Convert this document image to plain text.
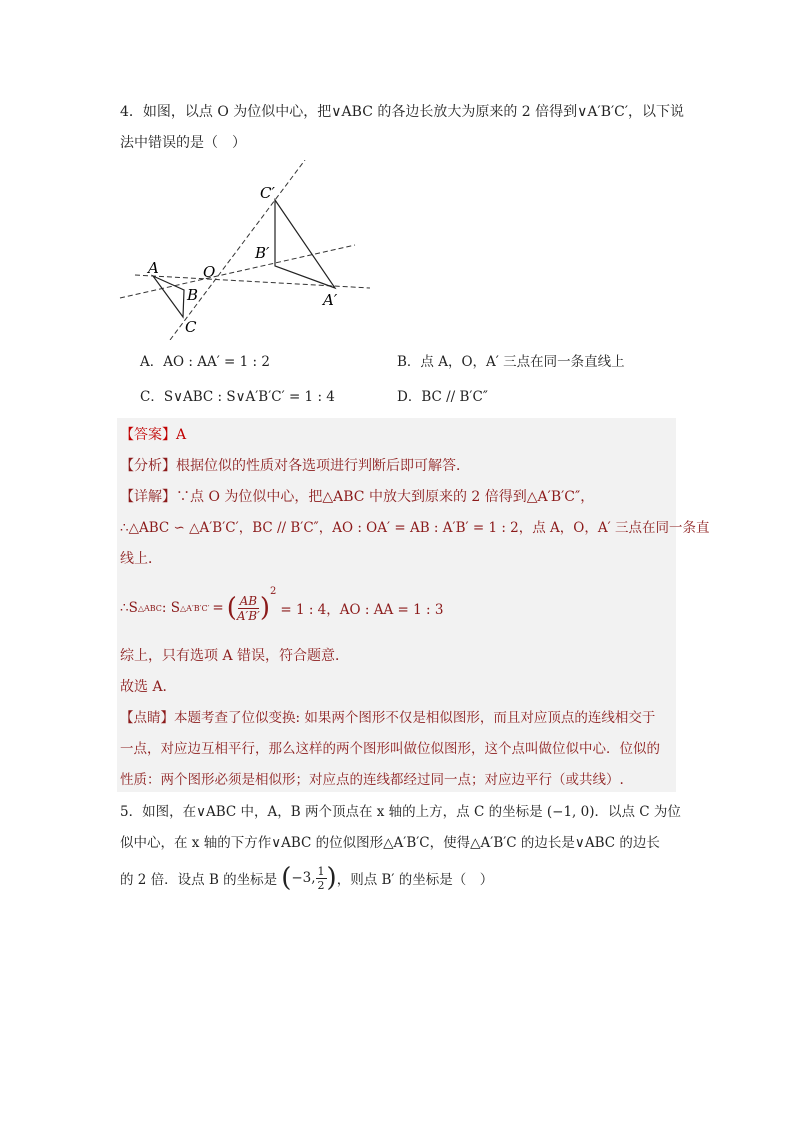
4．如图，以点 O 为位似中心，把∨ABC 的各边长放大为原来的 2 倍得到∨A′B′C′，以下说
法中错误的是（　）
A
B
C
O
A′
B′
C′
A．AO : AA′ = 1 : 2	B．点 A，O，A′ 三点在同一条直线上
C．S∨ABC : S∨A′B′C′ = 1 : 4	D．BC // B′C″
【答案】A
【分析】根据位似的性质对各选项进行判断后即可解答．
【详解】∵点 O 为位似中心，把△ABC 中放大到原来的 2 倍得到△A′B′C″，
∴△ABC ∽ △A′B′C′，BC // B′C″，AO : OA′ = AB : A′B′ = 1 : 2，点 A，O，A′ 三点在同一条直
线上．
∴S △ABC : S △A′B′C′ = ( $\frac{AB}{A'B'}$ )
$^2$
= 1 : 4，AO : AA = 1 : 3
综上，只有选项 A 错误，符合题意．
故选 A．
【点睛】本题考查了位似变换: 如果两个图形不仅是相似图形，而且对应顶点的连线相交于
一点，对应边互相平行，那么这样的两个图形叫做位似图形，这个点叫做位似中心．位似的
性质：两个图形必须是相似形；对应点的连线都经过同一点；对应边平行（或共线）.
5．如图，在∨ABC 中，A，B 两个顶点在 x 轴的上方，点 C 的坐标是 (−1, 0)．以点 C 为位
似中心，在 x 轴的下方作∨ABC 的位似图形△A′B′C，使得△A′B′C 的边长是∨ABC 的边长
的 2 倍．设点 B 的坐标是 ( −3, $\frac{1}{2}$ ) ，则点 B′ 的坐标是（　）
